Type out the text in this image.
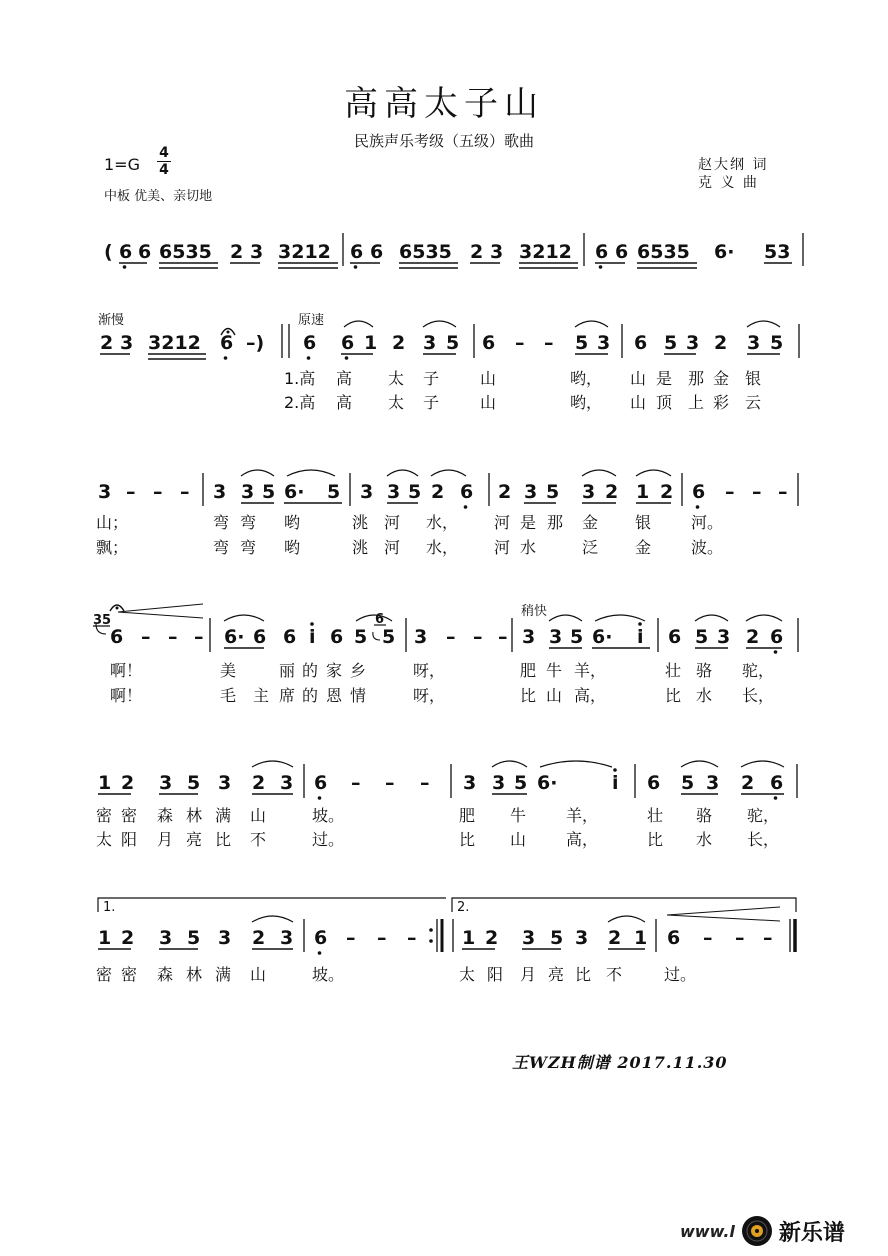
高高太子山
民族声乐考级（五级）歌曲
1=G
4
4
中板 优美、亲切地
赵大纲 词
克 义 曲
渐慢	原速
稍快
35	6
1.	2.
( 6 6 6535 2 3 3212 6 6 6535 2 3 3212 6 6 6535 6· 53
2 3 3212 6 –) 6 6 1 2 3 5 6 – – 5 3 6 5 3 2 3 5
3 – – – 3 3 5 6· 5 3 3 5 2 6 2 3 5 3 2 1 2 6 – – –
6 – – – 6· 6 6 i 6 5 5 3 – – – 3 3 5 6· i 6 5 3 2 6
1 2 3 5 3 2 3 6 – – – 3 3 5 6·	i 6 5 3 2 6
1 2 3 5 3 2 3 6 – – – 1 2 3 5 3 2 1 6 – – –
1.高 高 太 子	山	哟， 山 是 那 金 银
2.高 高 太 子	山	哟， 山 顶 上 彩 云
山；	弯 弯 哟	洮 河 水， 河 是 那 金 银 河。
飘；	弯 弯 哟	洮 河 水， 河 水	泛 金 波。
啊！	美	丽 的 家 乡	呀，	肥 牛 羊，	壮 骆 驼，
啊！	毛 主 席 的 恩 情	呀，	比 山 高，	比 水 长，
密 密 森 林 满 山	坡。	肥 牛 羊，	壮 骆 驼，
太 阳 月 亮 比 不	过。	比 山 高，	比 水 长，
密 密 森 林 满 山	坡。	太 阳 月 亮 比 不	过。
王WZH制谱 2017.11.30
www.l 新乐谱
